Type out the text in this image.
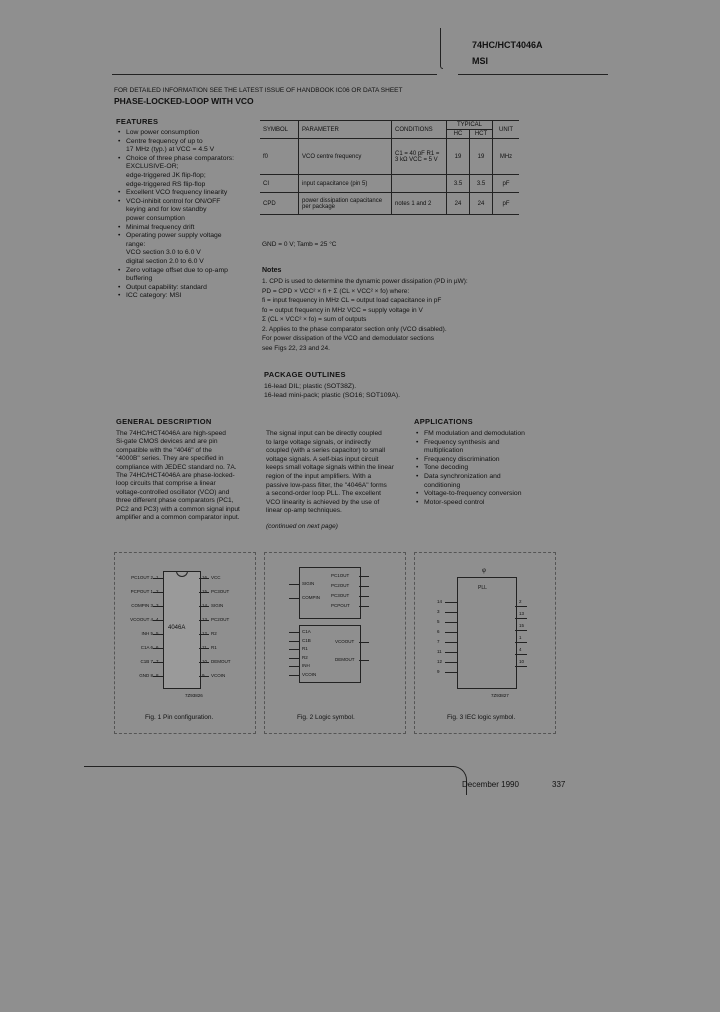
74HC/HCT4046A
MSI
FOR DETAILED INFORMATION SEE THE LATEST ISSUE OF HANDBOOK IC06 OR DATA SHEET
PHASE-LOCKED-LOOP WITH VCO
FEATURES
• Low power consumption
• Centre frequency of up to
17 MHz (typ.) at VCC = 4.5 V
• Choice of three phase comparators:
EXCLUSIVE-OR;
edge-triggered JK flip-flop;
edge-triggered RS flip-flop
• Excellent VCO frequency linearity
• VCO-inhibit control for ON/OFF
keying and for low standby
power consumption
• Minimal frequency drift
• Operating power supply voltage
range:
VCO section 3.0 to 6.0 V
digital section 2.0 to 6.0 V
• Zero voltage offset due to op-amp
buffering
• Output capability: standard
• ICC category: MSI
SYMBOL	PARAMETER	CONDITIONS	TYPICAL		UNIT
			HC	HCT	
f0	VCO centre frequency	C1 = 40 pF R1 = 3 kΩ VCC = 5 V	19	19	MHz
CI	input capacitance (pin 5)		3.5	3.5	pF
CPD	power dissipation capacitance per package	notes 1 and 2	24	24	pF
GND = 0 V; Tamb = 25 °C
Notes
1. CPD is used to determine the dynamic power dissipation (PD in µW):
PD = CPD × VCC² × fi + Σ (CL × VCC² × fo) where:
fi = input frequency in MHz CL = output load capacitance in pF
fo = output frequency in MHz VCC = supply voltage in V
Σ (CL × VCC² × fo) = sum of outputs
2. Applies to the phase comparator section only (VCO disabled).
For power dissipation of the VCO and demodulator sections
see Figs 22, 23 and 24.
PACKAGE OUTLINES
16-lead DIL; plastic (SOT38Z).
16-lead mini-pack; plastic (SO16; SOT109A).
GENERAL DESCRIPTION
The 74HC/HCT4046A are high-speed
Si-gate CMOS devices and are pin
compatible with the "4046" of the
"4000B" series. They are specified in
compliance with JEDEC standard no. 7A.
The 74HC/HCT4046A are phase-locked-
loop circuits that comprise a linear
voltage-controlled oscillator (VCO) and
three different phase comparators (PC1,
PC2 and PC3) with a common signal input
amplifier and a common comparator input.
The signal input can be directly coupled
to large voltage signals, or indirectly
coupled (with a series capacitor) to small
voltage signals. A self-bias input circuit
keeps small voltage signals within the linear
region of the input amplifiers. With a
passive low-pass filter, the "4046A" forms
a second-order loop PLL. The excellent
VCO linearity is achieved by the use of
linear op-amp techniques.
(continued on next page)
APPLICATIONS
• FM modulation and demodulation
• Frequency synthesis and
multiplication
• Frequency discrimination
• Tone decoding
• Data synchronization and
conditioning
• Voltage-to-frequency conversion
• Motor-speed control
4046A
PC1OUT 2
PCPOUT 1
COMPIN 3
VCOOUT 4
INH 5
C1A 6
C1B 7
GND 8
VCC
PC3OUT
SIGIN
PC2OUT
R2
R1
DEMOUT
VCOIN
7Z93826
Fig. 1 Pin configuration.
PC1OUT
PC2OUT
PC3OUT
PCPOUT
SIGIN
COMPIN
C1A
C1B
R1
R2
INH
VCOIN
VCOOUT
DEMOUT
Fig. 2 Logic symbol.
PLL
φ
14
3
5
6
7
11
12
9
2
13
15
1
4
10
7Z93827
Fig. 3 IEC logic symbol.
December 1990	337
